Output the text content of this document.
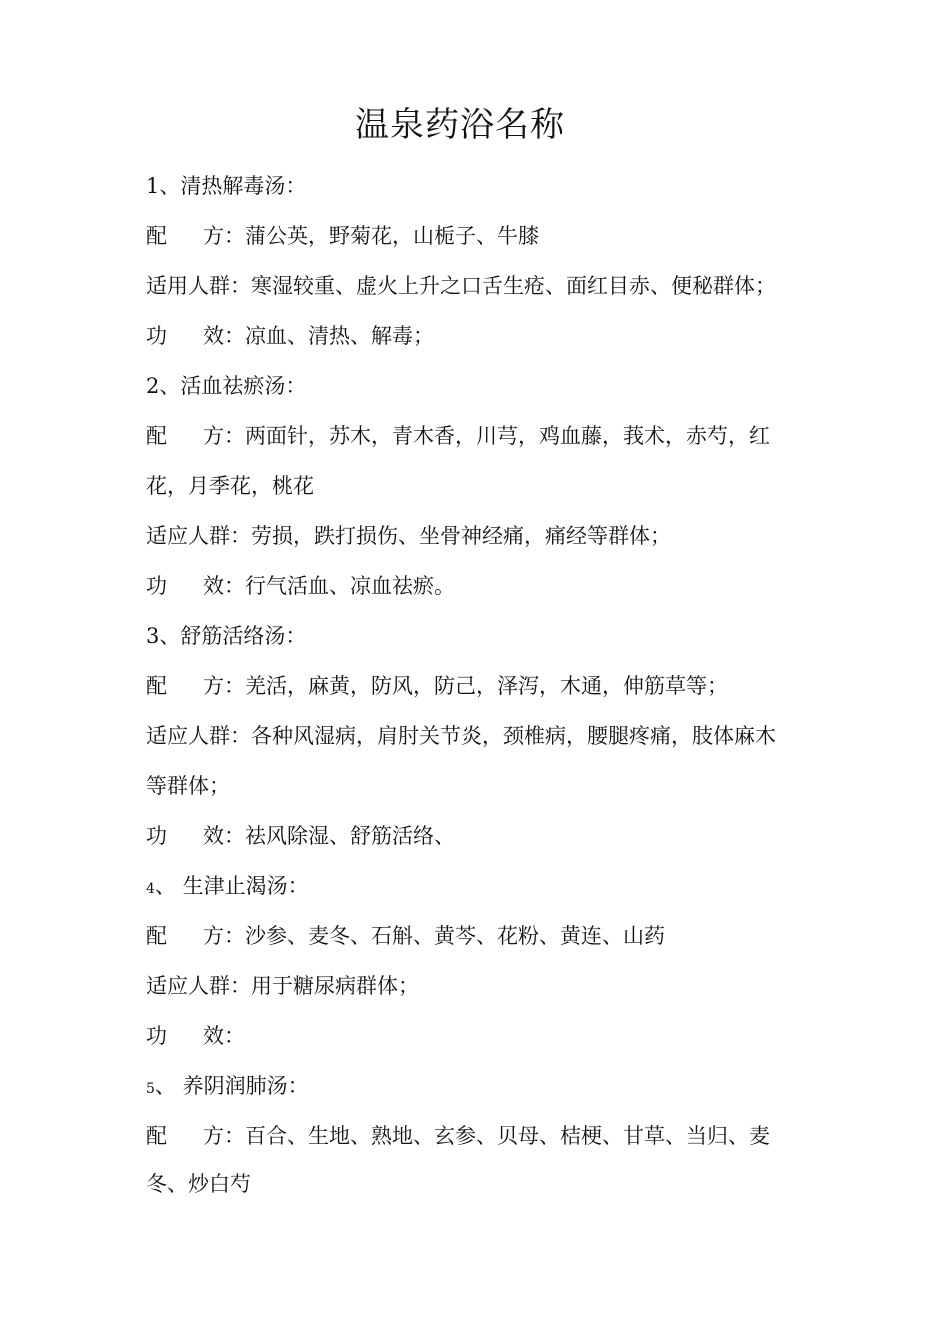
温泉药浴名称
1、清热解毒汤：
配 方： 蒲公英，野菊花，山栀子、牛膝
适用人群：寒湿较重、虚火上升之口舌生疮、面红目赤、便秘群体；
功 效： 凉血、清热、解毒；
2、活血祛瘀汤：
配 方： 两面针，苏木，青木香，川芎，鸡血藤，莪术，赤芍，红
花，月季花，桃花
适应人群：劳损，跌打损伤、坐骨神经痛，痛经等群体；
功 效： 行气活血、凉血祛瘀。
3、舒筋活络汤：
配 方： 羌活，麻黄，防风，防己，泽泻，木通，伸筋草等；
适应人群：各种风湿病，肩肘关节炎，颈椎病，腰腿疼痛，肢体麻木
等群体；
功 效： 祛风除湿、舒筋活络、
4、 生津止渴汤：
配 方： 沙参、麦冬、石斛、黄芩、花粉、黄连、山药
适应人群：用于糖尿病群体；
功 效：
5、 养阴润肺汤：
配 方： 百合、生地、熟地、玄参、贝母、桔梗、甘草、当归、麦
冬、炒白芍
